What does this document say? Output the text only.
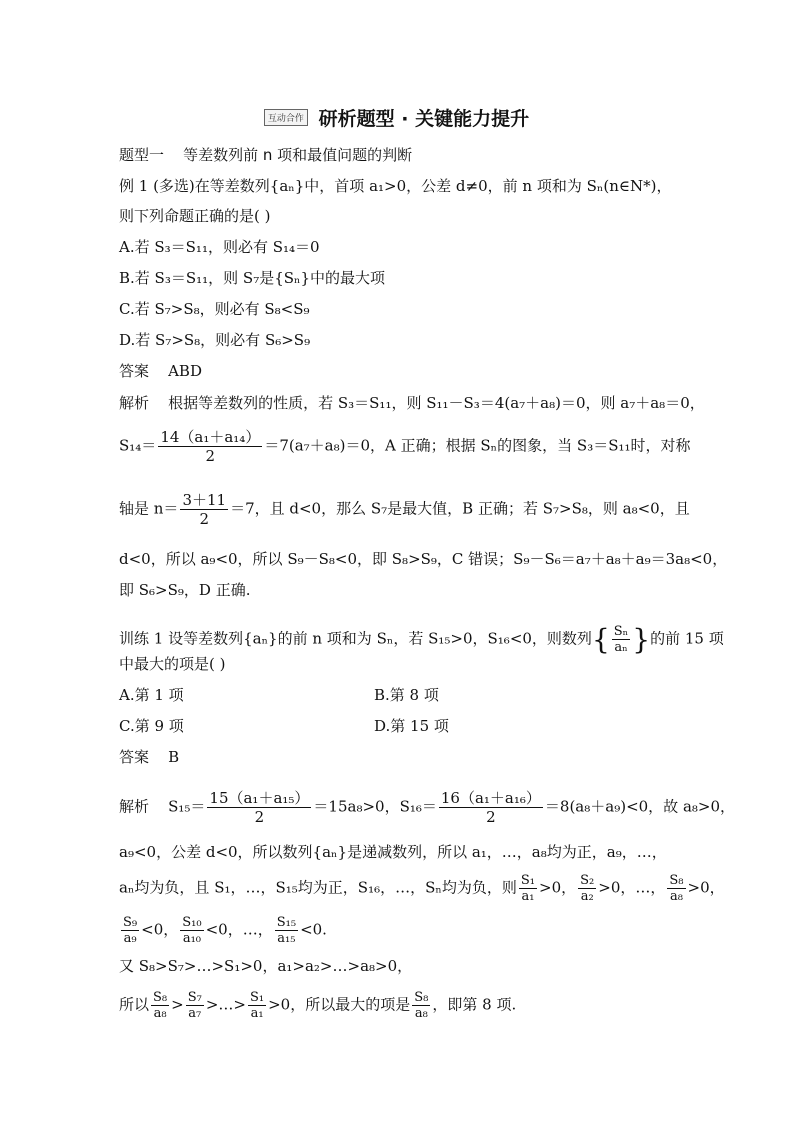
互动合作 研析题型 · 关键能力提升
题型一 等差数列前 n 项和最值问题的判断
例 1 (多选)在等差数列{aₙ}中，首项 a₁>0，公差 d≠0，前 n 项和为 Sₙ(n∈N*)，
则下列命题正确的是( )
A.若 S₃＝S₁₁，则必有 S₁₄＝0
B.若 S₃＝S₁₁，则 S₇是{Sₙ}中的最大项
C.若 S₇>S₈，则必有 S₈<S₉
D.若 S₇>S₈，则必有 S₆>S₉
答案 ABD
解析 根据等差数列的性质，若 S₃＝S₁₁，则 S₁₁－S₃＝4(a₇＋a₈)＝0，则 a₇＋a₈＝0，
$S_{14}= \frac{\text{14（a₁＋a₁₄）}}{2} =7(a_7+a_8)=0$，A 正确；根据 Sₙ的图象，当 S₃＝S₁₁时，对称
轴是 $n= \frac{3+11}{2} =7$，且 d<0，那么 S₇是最大值，B 正确；若 S₇>S₈，则 a₈<0，且
d<0，所以 a₉<0，所以 S₉－S₈<0，即 S₈>S₉，C 错误；S₉－S₆＝a₇＋a₈＋a₉＝3a₈<0，
即 S₆>S₉，D 正确.
训练 1 设等差数列{aₙ}的前 n 项和为 Sₙ，若 S₁₅>0，S₁₆<0，则数列{ $\frac{\text{Sₙ}}{\text{aₙ}}$ }的前 15 项
中最大的项是( )
A.第 1 项	B.第 8 项
C.第 9 项	D.第 15 项
答案 B
解析 $S_{15}= \frac{\text{15（a₁＋a₁₅）}}{2} =15a_8>0$，$S_{16}= \frac{\text{16（a₁＋a₁₆）}}{2} =8(a_8+a_9)<0$，故 a₈>0，
a₉<0，公差 d<0，所以数列{aₙ}是递减数列，所以 a₁，…，a₈均为正，a₉，…，
aₙ均为负，且 S₁，…，S₁₅均为正，S₁₆，…，Sₙ均为负，则 $\frac{\text{S₁}}{\text{a₁}} >0$， $\frac{\text{S₂}}{\text{a₂}} >0$，…， $\frac{\text{S₈}}{\text{a₈}} >0$，
$\frac{\text{S₉}}{\text{a₉}} <0$， $\frac{\text{S₁₀}}{\text{a₁₀}} <0$，…， $\frac{\text{S₁₅}}{\text{a₁₅}} <0$.
又 S₈>S₇>…>S₁>0，a₁>a₂>…>a₈>0，
所以 $\frac{\text{S₈}}{\text{a₈}} > \frac{\text{S₇}}{\text{a₇}}$ >…> $\frac{\text{S₁}}{\text{a₁}} >0$，所以最大的项是 $\frac{\text{S₈}}{\text{a₈}}$ ，即第 8 项.
